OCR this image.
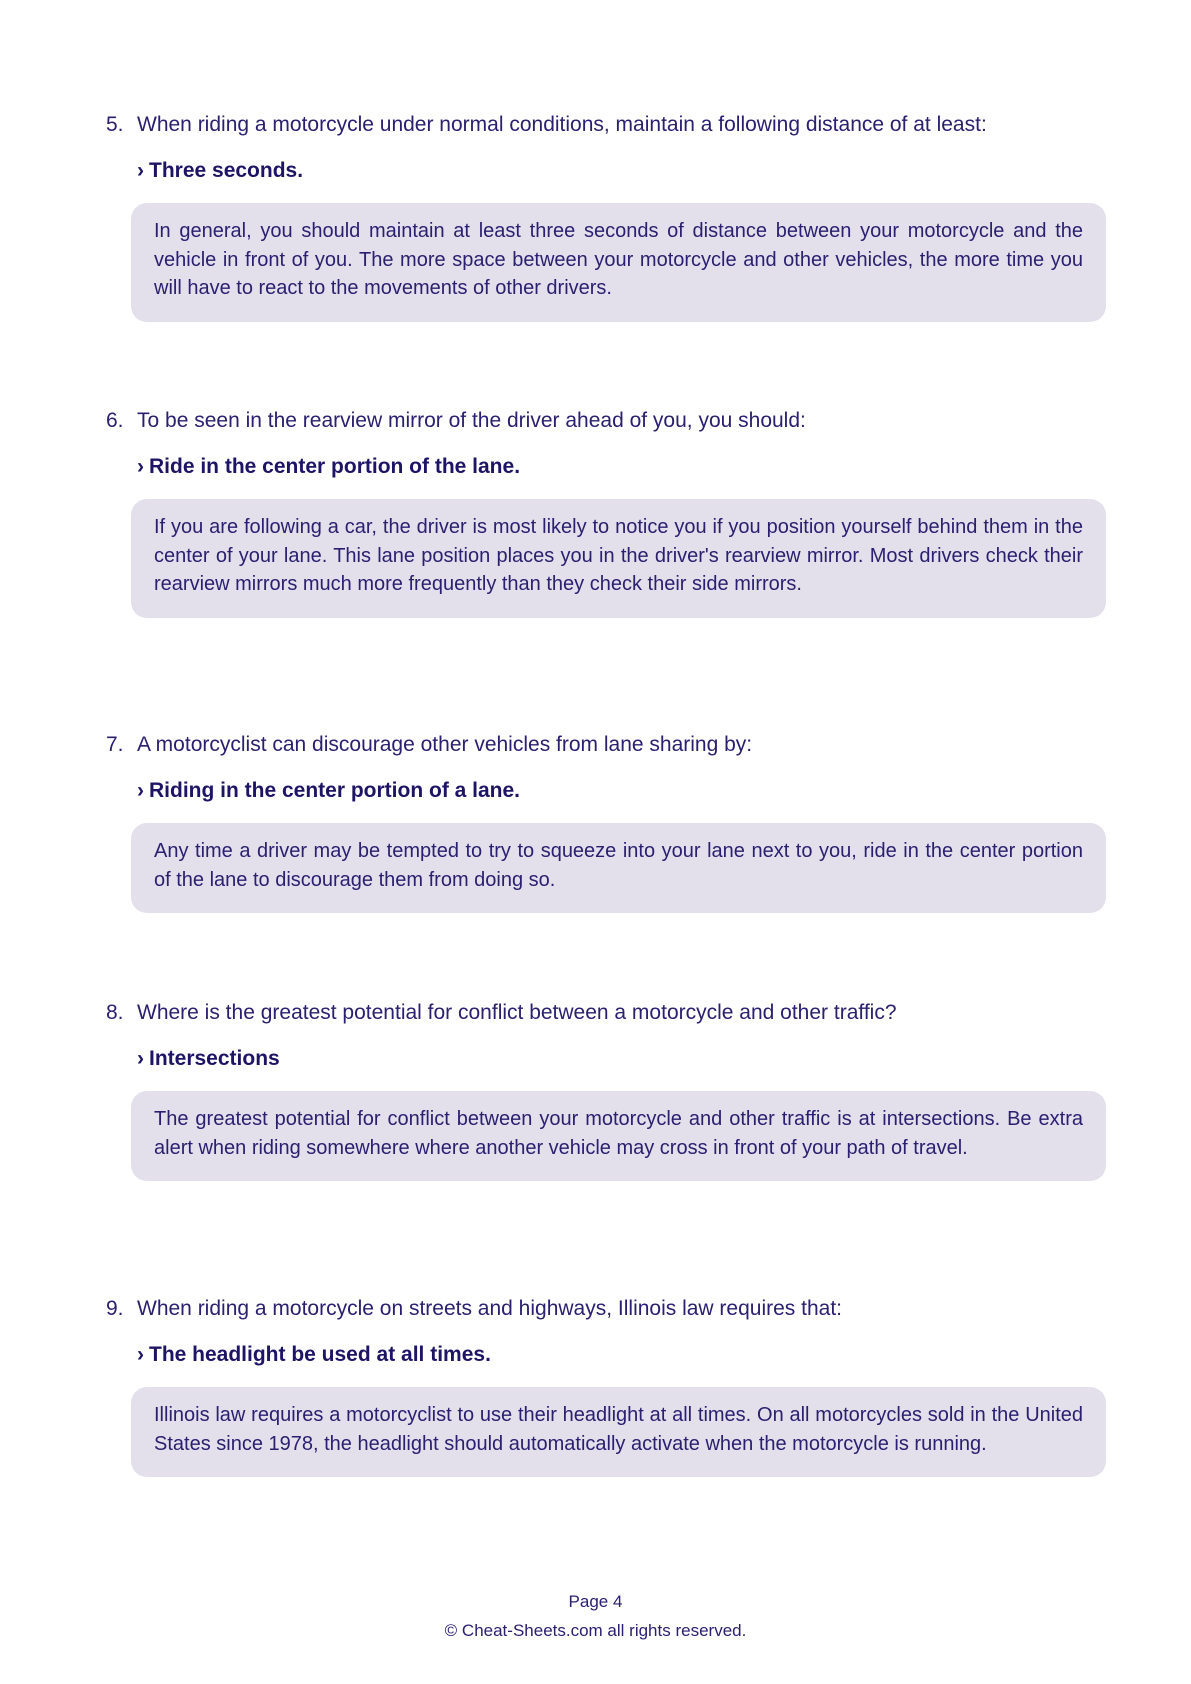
5. When riding a motorcycle under normal conditions, maintain a following distance of at least:
› Three seconds.
In general, you should maintain at least three seconds of distance between your motorcycle and the vehicle in front of you. The more space between your motorcycle and other vehicles, the more time you will have to react to the movements of other drivers.
6. To be seen in the rearview mirror of the driver ahead of you, you should:
› Ride in the center portion of the lane.
If you are following a car, the driver is most likely to notice you if you position yourself behind them in the center of your lane. This lane position places you in the driver's rearview mirror. Most drivers check their rearview mirrors much more frequently than they check their side mirrors.
7. A motorcyclist can discourage other vehicles from lane sharing by:
› Riding in the center portion of a lane.
Any time a driver may be tempted to try to squeeze into your lane next to you, ride in the center portion of the lane to discourage them from doing so.
8. Where is the greatest potential for conflict between a motorcycle and other traffic?
› Intersections
The greatest potential for conflict between your motorcycle and other traffic is at intersections. Be extra alert when riding somewhere where another vehicle may cross in front of your path of travel.
9. When riding a motorcycle on streets and highways, Illinois law requires that:
› The headlight be used at all times.
Illinois law requires a motorcyclist to use their headlight at all times. On all motorcycles sold in the United States since 1978, the headlight should automatically activate when the motorcycle is running.
Page 4
© Cheat-Sheets.com all rights reserved.
